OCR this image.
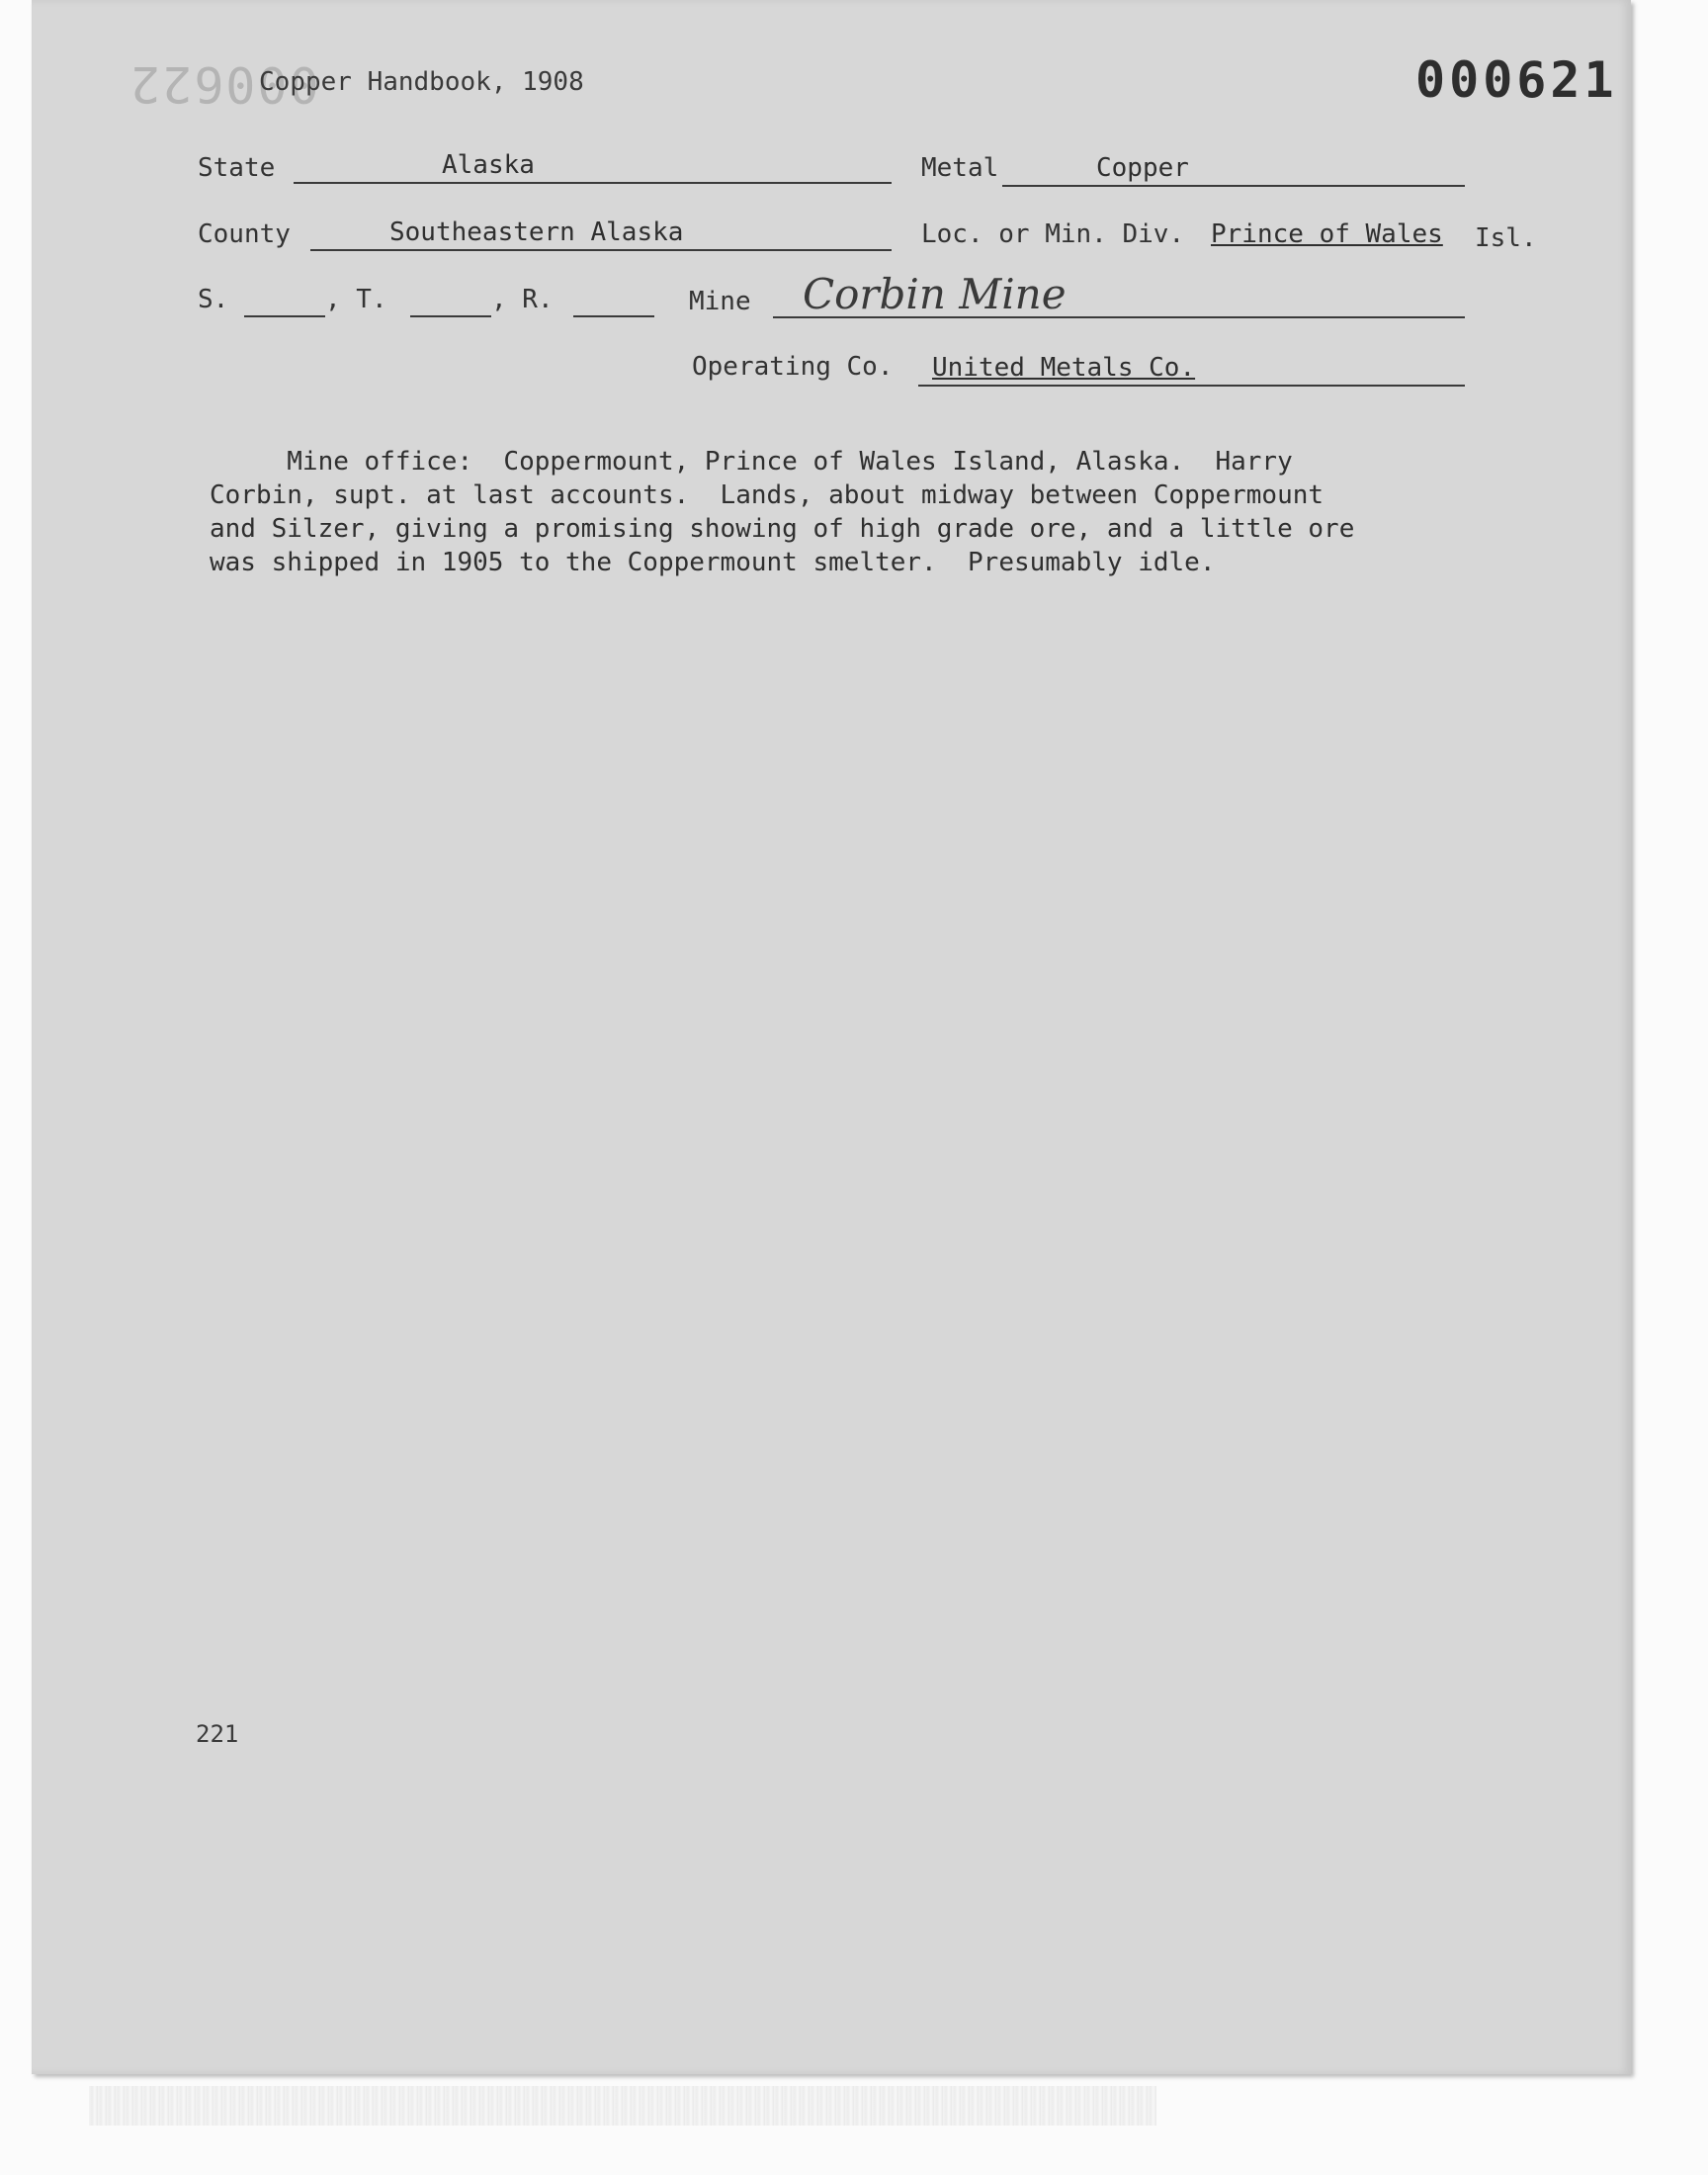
000622
Copper Handbook, 1908	000621
State	Alaska	Metal	Copper
County	Southeastern Alaska	Loc. or Min. Div. Prince of Wales Isl.
S.	, T.	, R.	Mine Corbin Mine
Operating Co. United Metals Co.
Mine office:  Coppermount, Prince of Wales Island, Alaska.  Harry
Corbin, supt. at last accounts.  Lands, about midway between Coppermount
and Silzer, giving a promising showing of high grade ore, and a little ore
was shipped in 1905 to the Coppermount smelter.  Presumably idle.
221
